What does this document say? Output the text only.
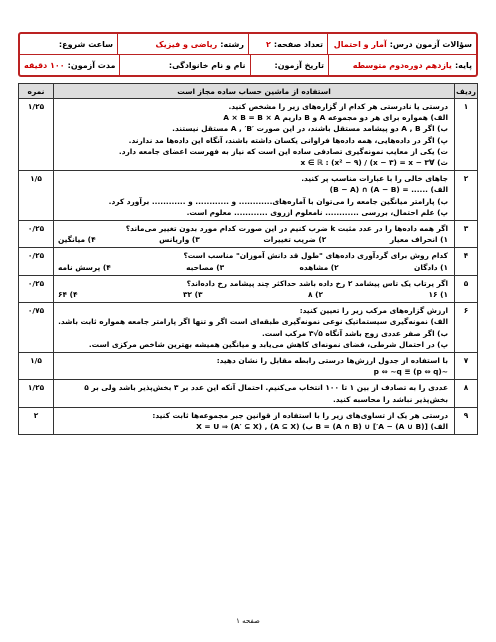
سؤالات آزمون درس:
آمار و احتمال
تعداد صفحه:
۲
رشته:
ریاضی و فیزیک
ساعت شروع:
پایه:
یازدهم دوره‌دوم متوسطه
تاریخ آزمون:
نام و نام خانوادگی:
مدت آزمون:
۱۰۰ دقیقه
ردیف
استفاده از ماشین حساب ساده مجاز است
نمره
۱
درستی یا نادرستی هر کدام از گزاره‌های زیر را مشخص کنید.
الف) همواره برای هر دو مجموعه A و B داریم A × B = B × A
ب) اگر A , B دو پیشامد مستقل باشند، در این صورت ′A , ′B مستقل نیستند.
پ) اگر در داده‌هایی، همه داده‌ها فراوانی یکسان داشته باشند، آنگاه این داده‌ها مد ندارند.
ت) یکی از معایب نمونه‌گیری تصادفی ساده این است که نیاز به فهرست اعضای جامعه دارد.
ث) ∀x ∈ ℝ : (x² − ۹) / (x − ۳) = x − ۳
۱/۲۵
۲
جاهای خالی را با عبارات مناسب پر کنید.
الف) ...... = (A − B) ∩ (B − A)
ب) پارامتر میانگین جامعه را می‌توان با آماره‌های............ و ............ و ............ برآورد کرد.
پ) علم احتمال، بررسی ............ نامعلوم ازروی ............ معلوم است.
۱/۵
۳
اگر همه داده‌ها را در عدد مثبت k ضرب کنیم در این صورت کدام مورد بدون تغییر می‌ماند؟
۱) انحراف معیار
۲) ضریب تغییرات
۳) واریانس
۴) میانگین
۰/۲۵
۴
کدام روش برای گردآوری داده‌های "طول قد دانش آموزان" مناسب است؟
۱) دادگان
۲) مشاهده
۳) مصاحبه
۴) پرسش نامه
۰/۲۵
۵
اگر یرتاب یک تاس پیشامد ۲ رخ داده باشد حداکثر چند پیشامد رخ داده‌اند؟
۱) ۱۶
۲) ۸
۳) ۳۲
۴) ۶۴
۰/۲۵
۶
ارزش گزاره‌های مرکب زیر را تعیین کنید:
الف) نمونه‌گیری سیستماتیک نوعی نمونه‌گیری طبقه‌ای است اگر و تنها اگر پارامتر جامعه همواره ثابت باشد.
ب) اگر صفر عددی زوج باشد آنگاه ۵√۳ مرکب است.
پ) در احتمال شرطی، فضای نمونه‌ای کاهش می‌یابد و میانگین همیشه بهترین شاخص مرکزی است.
۰/۷۵
۷
با استفاده از جدول ارزش‌ها درستی رابطه مقابل را نشان دهید:
~(p ⇔ q) ≡ p ⇔ ~q
۱/۵
۸
عددی را به تصادف از بین ۱ تا ۱۰۰ انتخاب می‌کنیم. احتمال آنکه این عدد بر ۳ بخش‌پذیر باشد ولی بر ۵
بخش‌پذیر نباشد را محاسبه کنید.
۱/۲۵
۹
درستی هر یک از تساوی‌های زیر را با استفاده از قوانین جبر مجموعه‌ها ثابت کنید:
الف) [(A ∪ B) − A′] ∪ (A ∩ B) = B ب) (A ⊆ X) , (A′ ⊆ X) ⇒ X = U
۲
صفحه ۱
